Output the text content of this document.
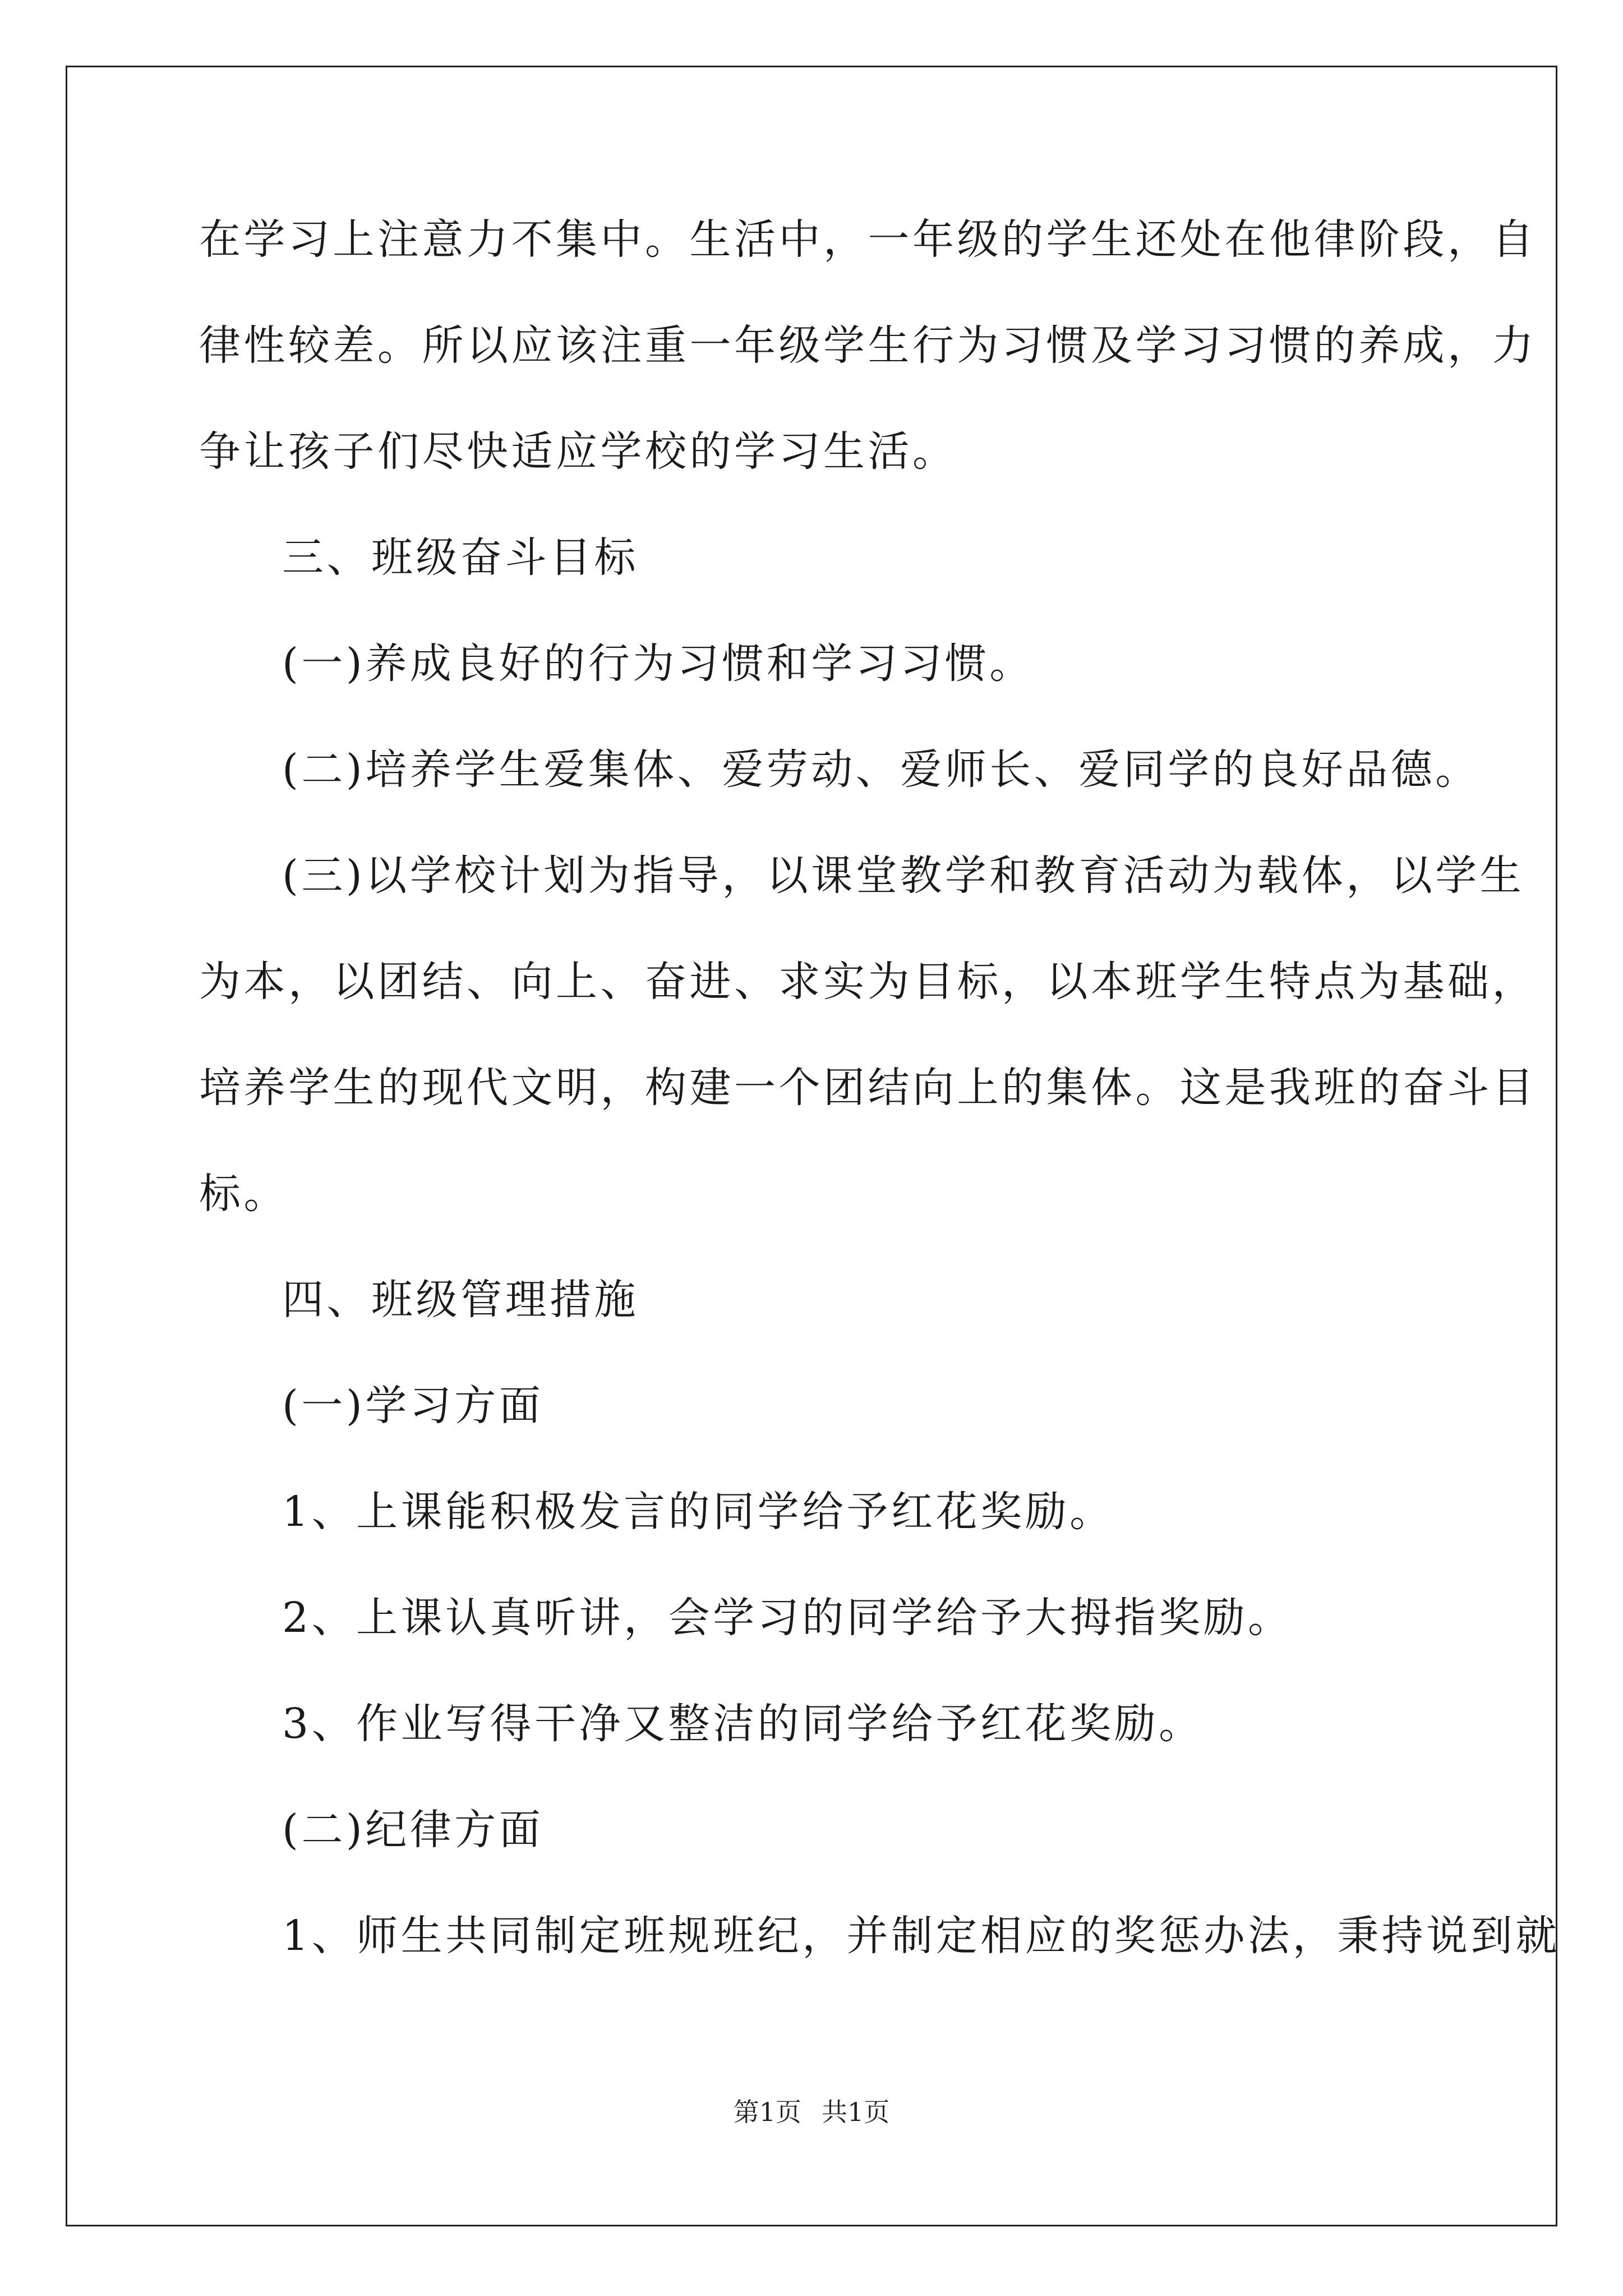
在学习上注意力不集中。生活中，一年级的学生还处在他律阶段，自
律性较差。所以应该注重一年级学生行为习惯及学习习惯的养成，力
争让孩子们尽快适应学校的学习生活。
三、班级奋斗目标
(一)养成良好的行为习惯和学习习惯。
(二)培养学生爱集体、爱劳动、爱师长、爱同学的良好品德。
(三)以学校计划为指导，以课堂教学和教育活动为载体，以学生
为本，以团结、向上、奋进、求实为目标，以本班学生特点为基础，
培养学生的现代文明，构建一个团结向上的集体。这是我班的奋斗目
标。
四、班级管理措施
(一)学习方面
1、上课能积极发言的同学给予红花奖励。
2、上课认真听讲，会学习的同学给予大拇指奖励。
3、作业写得干净又整洁的同学给予红花奖励。
(二)纪律方面
1、师生共同制定班规班纪，并制定相应的奖惩办法，秉持说到就
第1页 共1页
